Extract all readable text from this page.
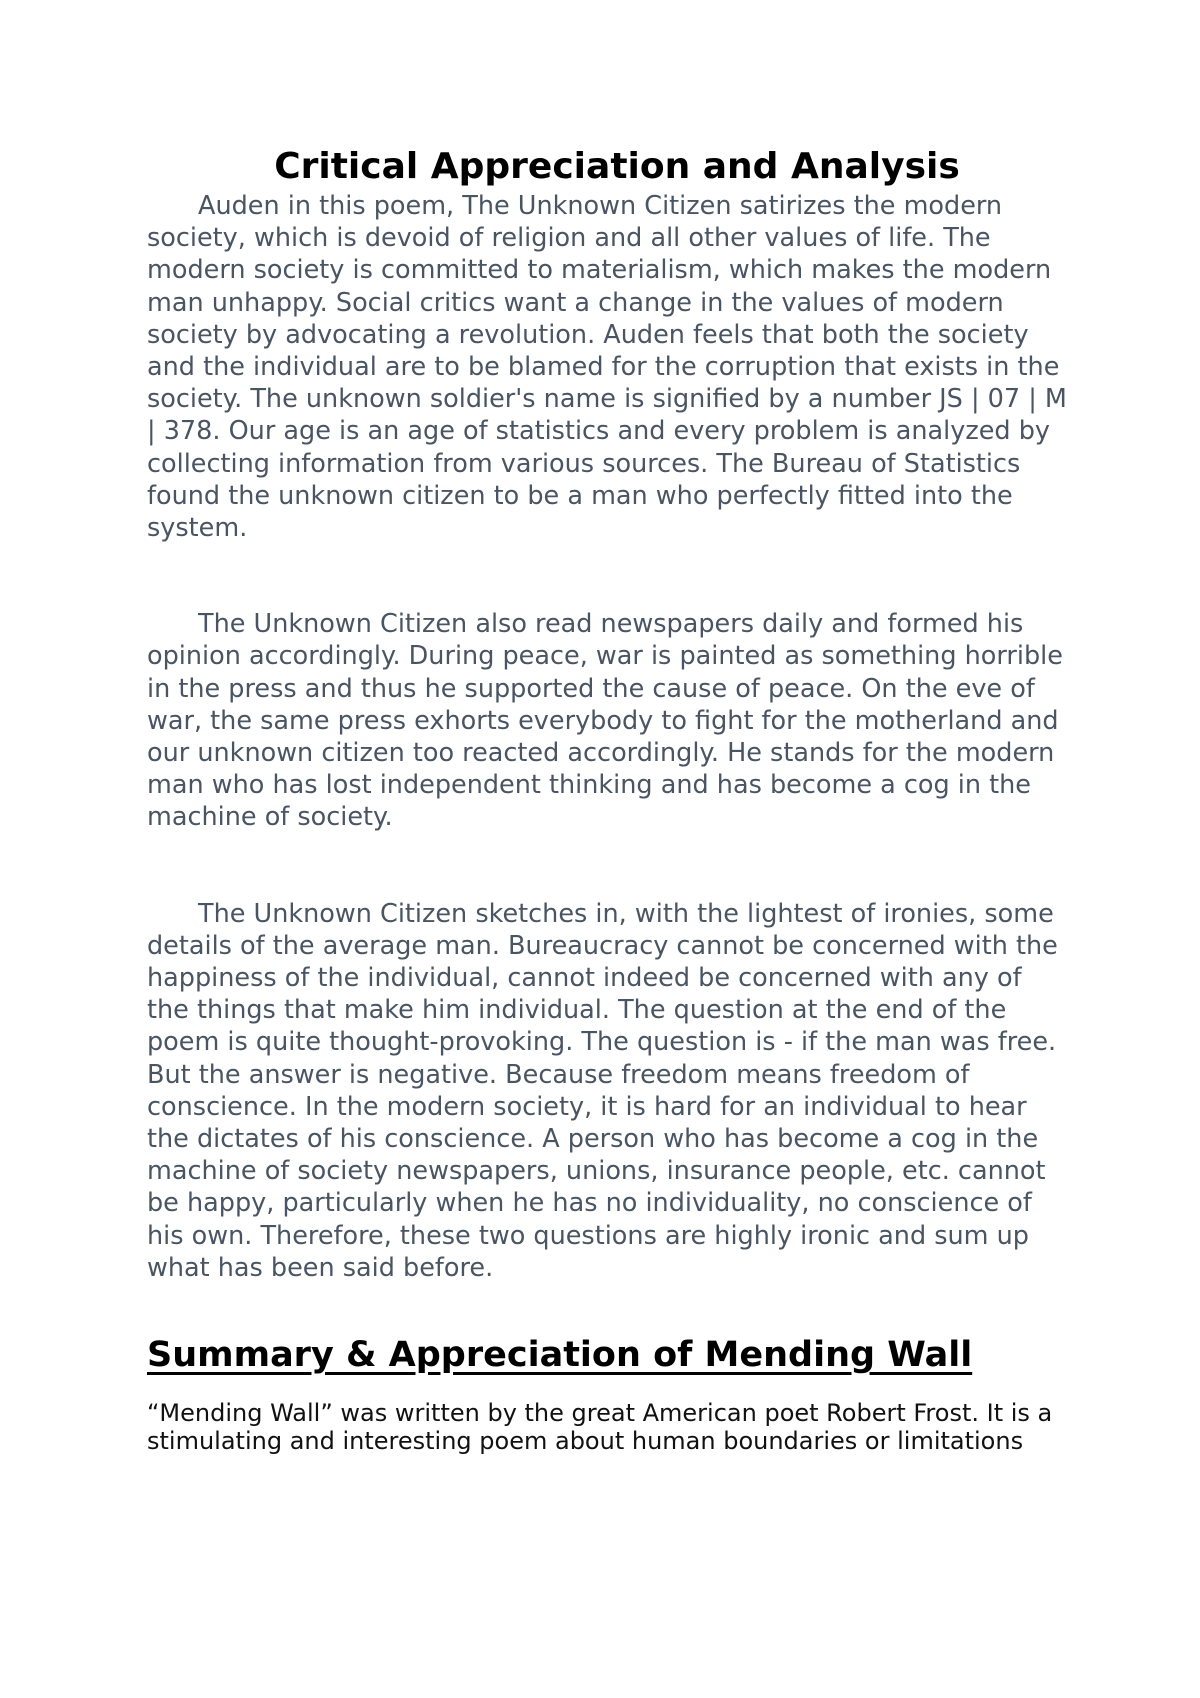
Critical Appreciation and Analysis

Auden in this poem, The Unknown Citizen satirizes the modern society, which is devoid of religion and all other values of life. The modern society is committed to materialism, which makes the modern man unhappy. Social critics want a change in the values of modern society by advocating a revolution. Auden feels that both the society and the individual are to be blamed for the corruption that exists in the society. The unknown soldier's name is signified by a number JS | 07 | M | 378. Our age is an age of statistics and every problem is analyzed by collecting information from various sources. The Bureau of Statistics found the unknown citizen to be a man who perfectly fitted into the system.

The Unknown Citizen also read newspapers daily and formed his opinion accordingly. During peace, war is painted as something horrible in the press and thus he supported the cause of peace. On the eve of war, the same press exhorts everybody to fight for the motherland and our unknown citizen too reacted accordingly. He stands for the modern man who has lost independent thinking and has become a cog in the machine of society.

The Unknown Citizen sketches in, with the lightest of ironies, some details of the average man. Bureaucracy cannot be concerned with the happiness of the individual, cannot indeed be concerned with any of the things that make him individual. The question at the end of the poem is quite thought-provoking. The question is - if the man was free. But the answer is negative. Because freedom means freedom of conscience. In the modern society, it is hard for an individual to hear the dictates of his conscience. A person who has become a cog in the machine of society newspapers, unions, insurance people, etc. cannot be happy, particularly when he has no individuality, no conscience of his own. Therefore, these two questions are highly ironic and sum up what has been said before.

Summary & Appreciation of Mending Wall

“Mending Wall” was written by the great American poet Robert Frost. It is a stimulating and interesting poem about human boundaries or limitations
